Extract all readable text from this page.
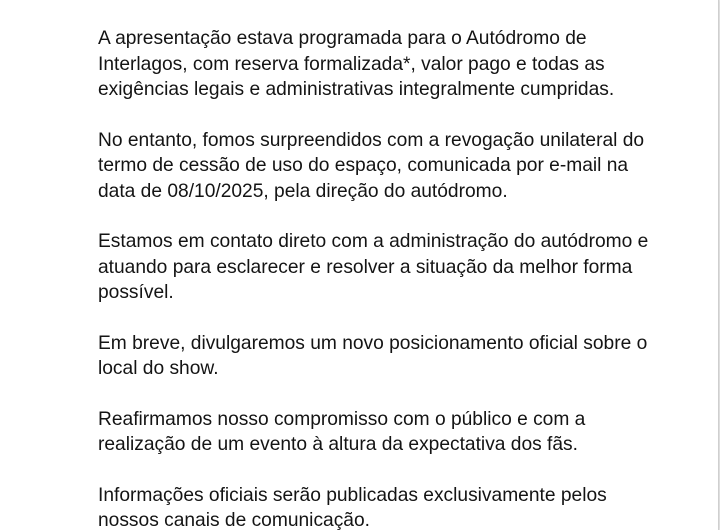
A apresentação estava programada para o Autódromo de
Interlagos, com reserva formalizada*, valor pago e todas as
exigências legais e administrativas integralmente cumpridas.

No entanto, fomos surpreendidos com a revogação unilateral do
termo de cessão de uso do espaço, comunicada por e-mail na
data de 08/10/2025, pela direção do autódromo.

Estamos em contato direto com a administração do autódromo e
atuando para esclarecer e resolver a situação da melhor forma
possível.

Em breve, divulgaremos um novo posicionamento oficial sobre o
local do show.

Reafirmamos nosso compromisso com o público e com a
realização de um evento à altura da expectativa dos fãs.

Informações oficiais serão publicadas exclusivamente pelos
nossos canais de comunicação.
